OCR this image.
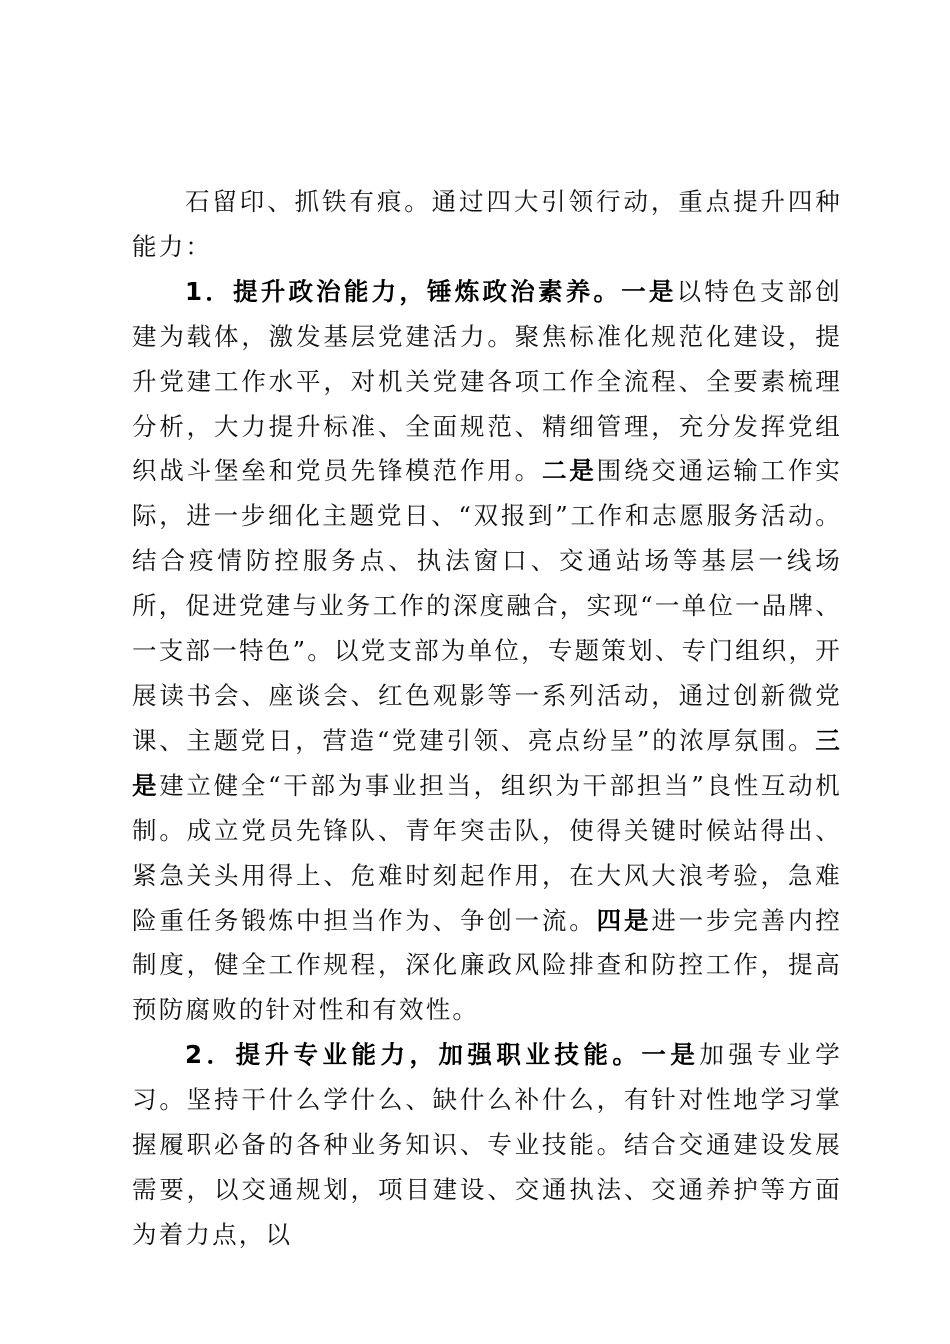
石留印、抓铁有痕。通过四大引领行动，重点提升四种能力：

1．提升政治能力，锤炼政治素养。一是以特色支部创建为载体，激发基层党建活力。聚焦标准化规范化建设，提升党建工作水平，对机关党建各项工作全流程、全要素梳理分析，大力提升标准、全面规范、精细管理，充分发挥党组织战斗堡垒和党员先锋模范作用。二是围绕交通运输工作实际，进一步细化主题党日、“双报到”工作和志愿服务活动。结合疫情防控服务点、执法窗口、交通站场等基层一线场所，促进党建与业务工作的深度融合，实现“一单位一品牌、一支部一特色”。以党支部为单位，专题策划、专门组织，开展读书会、座谈会、红色观影等一系列活动，通过创新微党课、主题党日，营造“党建引领、亮点纷呈”的浓厚氛围。三是建立健全“干部为事业担当，组织为干部担当”良性互动机制。成立党员先锋队、青年突击队，使得关键时候站得出、紧急关头用得上、危难时刻起作用，在大风大浪考验，急难险重任务锻炼中担当作为、争创一流。四是进一步完善内控制度，健全工作规程，深化廉政风险排查和防控工作，提高预防腐败的针对性和有效性。

2．提升专业能力，加强职业技能。一是加强专业学习。坚持干什么学什么、缺什么补什么，有针对性地学习掌握履职必备的各种业务知识、专业技能。结合交通建设发展需要，以交通规划，项目建设、交通执法、交通养护等方面为着力点，以
